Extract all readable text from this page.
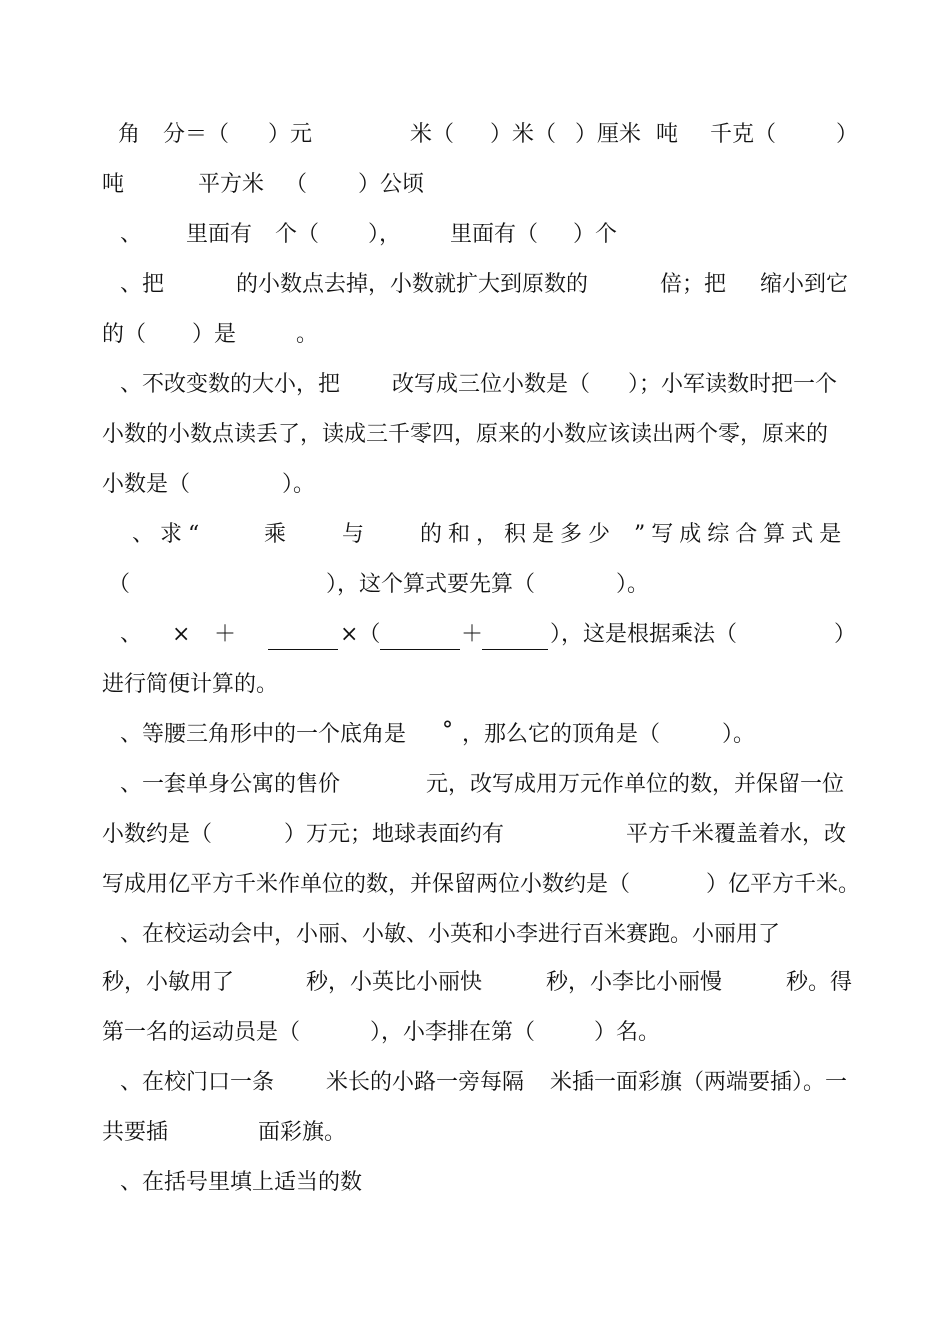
角 分＝（ ）元	米（ ）米（ ）厘米 吨 千克（	）
吨	平方米 （ ）公顷
、 里面有 个（ ）， 里面有（ ）个
、把	的小数点去掉，小数就扩大到原数的	倍；把 缩小到它
的（ ）是	。
、不改变数的大小，把 改写成三位小数是（ ）；小军读数时把一个
小数的小数点读丢了，读成三千零四，原来的小数应该读出两个零，原来的
小数是（	）。
、求“	乘	与	的和，积是多少 ”写成综合算式是
（	），这个算式要先算（	）。
、 × ＋	×（	＋	），这是根据乘法（	）
进行简便计算的。
、等腰三角形中的一个底角是 ° ，那么它的顶角是（	）。
、一套单身公寓的售价	元，改写成用万元作单位的数，并保留一位
小数约是（	）万元；地球表面约有	平方千米覆盖着水，改
写成用亿平方千米作单位的数，并保留两位小数约是（	）亿平方千米。
、在校运动会中，小丽、小敏、小英和小李进行百米赛跑。小丽用了
秒，小敏用了	秒，小英比小丽快	秒，小李比小丽慢	秒。得
第一名的运动员是（	），小李排在第（	）名。
、在校门口一条 米长的小路一旁每隔 米插一面彩旗（两端要插）。一
共要插	面彩旗。
、在括号里填上适当的数
